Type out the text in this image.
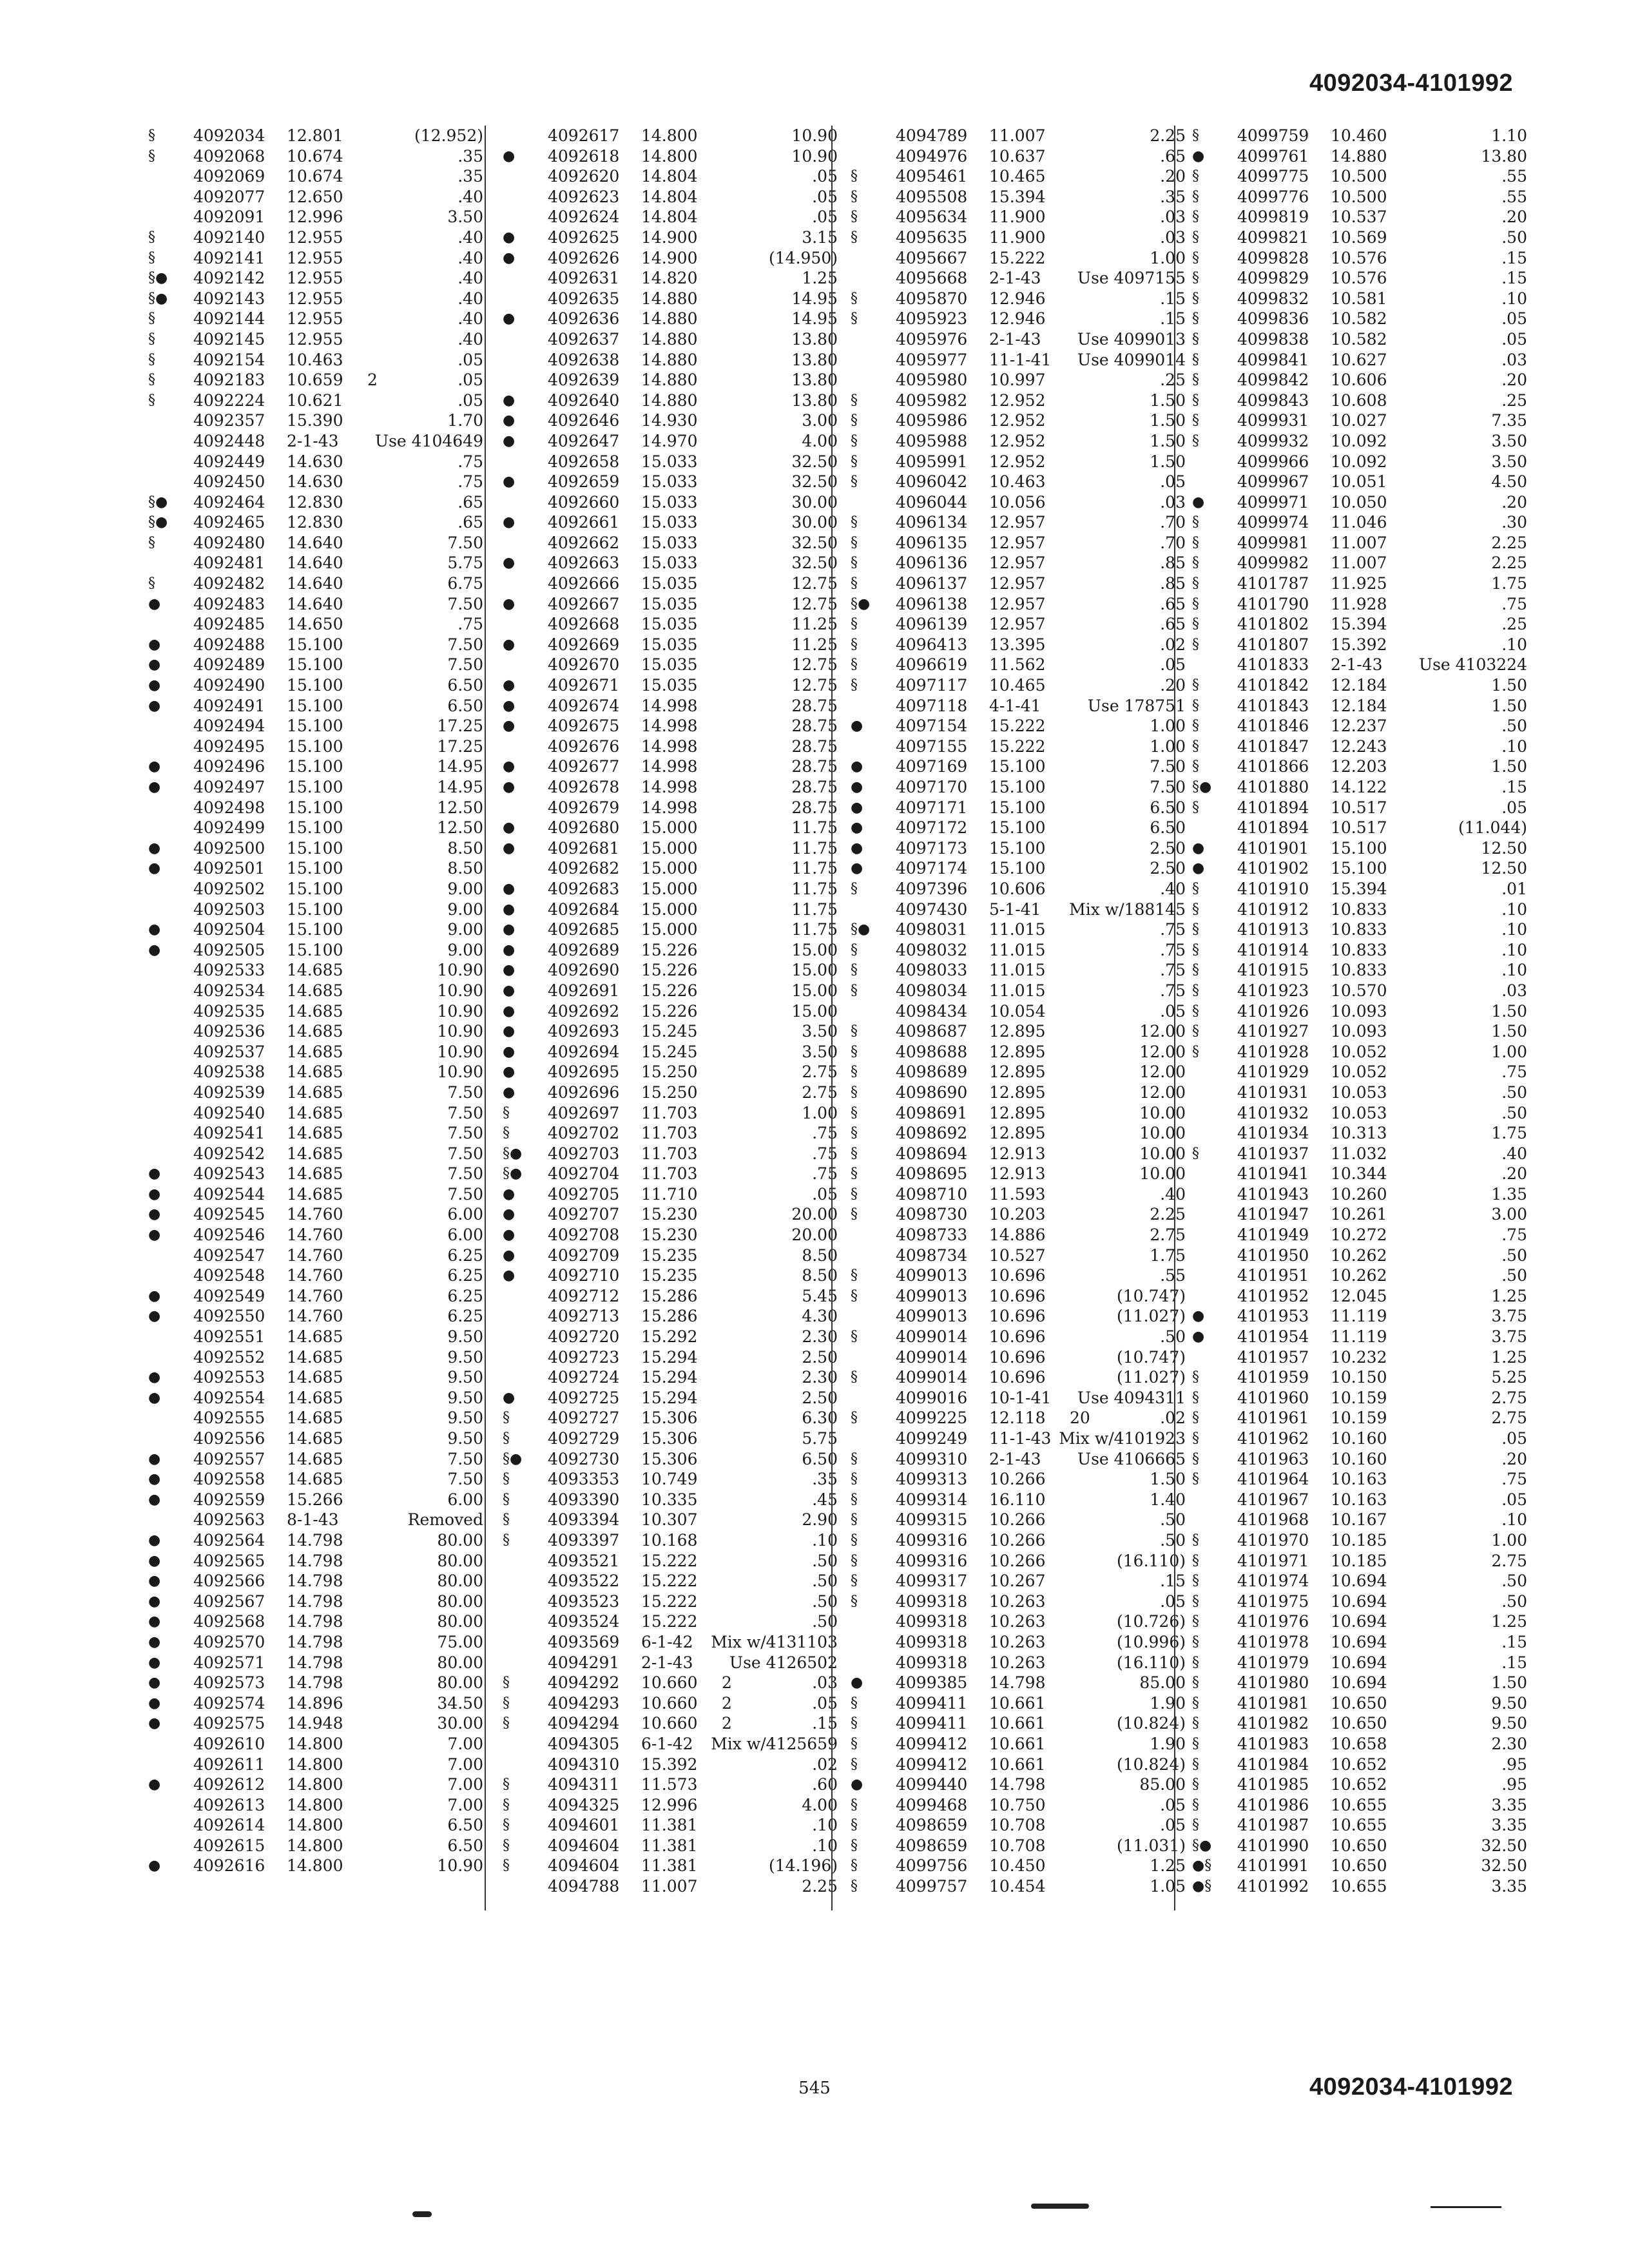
4092034-4101992
§	4092034	12.801	(12.952)
§	4092068	10.674	.35
4092069	10.674	.35
4092077	12.650	.40
4092091	12.996	3.50
§	4092140	12.955	.40
§	4092141	12.955	.40
§●	4092142	12.955	.40
§●	4092143	12.955	.40
§	4092144	12.955	.40
§	4092145	12.955	.40
§	4092154	10.463	.05
§	4092183	10.659	2	.05
§	4092224	10.621	.05
4092357	15.390	1.70
4092448	2-1-43	Use 4104649
4092449	14.630	.75
4092450	14.630	.75
§●	4092464	12.830	.65
§●	4092465	12.830	.65
§	4092480	14.640	7.50
4092481	14.640	5.75
§	4092482	14.640	6.75
●	4092483	14.640	7.50
4092485	14.650	.75
●	4092488	15.100	7.50
●	4092489	15.100	7.50
●	4092490	15.100	6.50
●	4092491	15.100	6.50
4092494	15.100	17.25
4092495	15.100	17.25
●	4092496	15.100	14.95
●	4092497	15.100	14.95
4092498	15.100	12.50
4092499	15.100	12.50
●	4092500	15.100	8.50
●	4092501	15.100	8.50
4092502	15.100	9.00
4092503	15.100	9.00
●	4092504	15.100	9.00
●	4092505	15.100	9.00
4092533	14.685	10.90
4092534	14.685	10.90
4092535	14.685	10.90
4092536	14.685	10.90
4092537	14.685	10.90
4092538	14.685	10.90
4092539	14.685	7.50
4092540	14.685	7.50
4092541	14.685	7.50
4092542	14.685	7.50
●	4092543	14.685	7.50
●	4092544	14.685	7.50
●	4092545	14.760	6.00
●	4092546	14.760	6.00
4092547	14.760	6.25
4092548	14.760	6.25
●	4092549	14.760	6.25
●	4092550	14.760	6.25
4092551	14.685	9.50
4092552	14.685	9.50
●	4092553	14.685	9.50
●	4092554	14.685	9.50
4092555	14.685	9.50
4092556	14.685	9.50
●	4092557	14.685	7.50
●	4092558	14.685	7.50
●	4092559	15.266	6.00
4092563	8-1-43	Removed
●	4092564	14.798	80.00
●	4092565	14.798	80.00
●	4092566	14.798	80.00
●	4092567	14.798	80.00
●	4092568	14.798	80.00
●	4092570	14.798	75.00
●	4092571	14.798	80.00
●	4092573	14.798	80.00
●	4092574	14.896	34.50
●	4092575	14.948	30.00
4092610	14.800	7.00
4092611	14.800	7.00
●	4092612	14.800	7.00
4092613	14.800	7.00
4092614	14.800	6.50
4092615	14.800	6.50
●	4092616	14.800	10.90
4092617	14.800	10.90
●	4092618	14.800	10.90
4092620	14.804	.05
4092623	14.804	.05
4092624	14.804	.05
●	4092625	14.900	3.15
●	4092626	14.900	(14.950)
4092631	14.820	1.25
4092635	14.880	14.95
●	4092636	14.880	14.95
4092637	14.880	13.80
4092638	14.880	13.80
4092639	14.880	13.80
●	4092640	14.880	13.80
●	4092646	14.930	3.00
●	4092647	14.970	4.00
4092658	15.033	32.50
●	4092659	15.033	32.50
4092660	15.033	30.00
●	4092661	15.033	30.00
4092662	15.033	32.50
●	4092663	15.033	32.50
4092666	15.035	12.75
●	4092667	15.035	12.75
4092668	15.035	11.25
●	4092669	15.035	11.25
4092670	15.035	12.75
●	4092671	15.035	12.75
●	4092674	14.998	28.75
●	4092675	14.998	28.75
4092676	14.998	28.75
●	4092677	14.998	28.75
●	4092678	14.998	28.75
4092679	14.998	28.75
●	4092680	15.000	11.75
●	4092681	15.000	11.75
4092682	15.000	11.75
●	4092683	15.000	11.75
●	4092684	15.000	11.75
●	4092685	15.000	11.75
●	4092689	15.226	15.00
●	4092690	15.226	15.00
●	4092691	15.226	15.00
●	4092692	15.226	15.00
●	4092693	15.245	3.50
●	4092694	15.245	3.50
●	4092695	15.250	2.75
●	4092696	15.250	2.75
§	4092697	11.703	1.00
§	4092702	11.703	.75
§●	4092703	11.703	.75
§●	4092704	11.703	.75
●	4092705	11.710	.05
●	4092707	15.230	20.00
●	4092708	15.230	20.00
●	4092709	15.235	8.50
●	4092710	15.235	8.50
4092712	15.286	5.45
4092713	15.286	4.30
4092720	15.292	2.30
4092723	15.294	2.50
4092724	15.294	2.30
●	4092725	15.294	2.50
§	4092727	15.306	6.30
§	4092729	15.306	5.75
§●	4092730	15.306	6.50
§	4093353	10.749	.35
§	4093390	10.335	.45
§	4093394	10.307	2.90
§	4093397	10.168	.10
4093521	15.222	.50
4093522	15.222	.50
4093523	15.222	.50
4093524	15.222	.50
4093569	6-1-42	Mix w/4131103
4094291	2-1-43	Use 4126502
§	4094292	10.660	2	.03
§	4094293	10.660	2	.05
§	4094294	10.660	2	.15
4094305	6-1-42	Mix w/4125659
4094310	15.392	.02
§	4094311	11.573	.60
§	4094325	12.996	4.00
§	4094601	11.381	.10
§	4094604	11.381	.10
§	4094604	11.381	(14.196)
4094788	11.007	2.25
4094789	11.007	2.25
4094976	10.637	.65
§	4095461	10.465	.20
§	4095508	15.394	.35
§	4095634	11.900	.03
§	4095635	11.900	.03
4095667	15.222	1.00
4095668	2-1-43	Use 4097155
§	4095870	12.946	.15
§	4095923	12.946	.15
4095976	2-1-43	Use 4099013
4095977	11-1-41	Use 4099014
4095980	10.997	.25
§	4095982	12.952	1.50
§	4095986	12.952	1.50
§	4095988	12.952	1.50
§	4095991	12.952	1.50
§	4096042	10.463	.05
4096044	10.056	.03
§	4096134	12.957	.70
§	4096135	12.957	.70
§	4096136	12.957	.85
§	4096137	12.957	.85
§●	4096138	12.957	.65
§	4096139	12.957	.65
§	4096413	13.395	.02
§	4096619	11.562	.05
§	4097117	10.465	.20
4097118	4-1-41	Use 178751
●	4097154	15.222	1.00
4097155	15.222	1.00
●	4097169	15.100	7.50
●	4097170	15.100	7.50
●	4097171	15.100	6.50
●	4097172	15.100	6.50
●	4097173	15.100	2.50
●	4097174	15.100	2.50
§	4097396	10.606	.40
4097430	5-1-41	Mix w/188145
§●	4098031	11.015	.75
§	4098032	11.015	.75
§	4098033	11.015	.75
§	4098034	11.015	.75
4098434	10.054	.05
§	4098687	12.895	12.00
§	4098688	12.895	12.00
§	4098689	12.895	12.00
§	4098690	12.895	12.00
§	4098691	12.895	10.00
§	4098692	12.895	10.00
§	4098694	12.913	10.00
§	4098695	12.913	10.00
§	4098710	11.593	.40
§	4098730	10.203	2.25
4098733	14.886	2.75
4098734	10.527	1.75
§	4099013	10.696	.55
§	4099013	10.696	(10.747)
4099013	10.696	(11.027)
§	4099014	10.696	.50
4099014	10.696	(10.747)
§	4099014	10.696	(11.027)
4099016	10-1-41	Use 4094311
§	4099225	12.118	20	.02
4099249	11-1-43 Mix w/4101923
§	4099310	2-1-43	Use 4106665
§	4099313	10.266	1.50
§	4099314	16.110	1.40
§	4099315	10.266	.50
§	4099316	10.266	.50
§	4099316	10.266	(16.110)
§	4099317	10.267	.15
§	4099318	10.263	.05
4099318	10.263	(10.726)
4099318	10.263	(10.996)
4099318	10.263	(16.110)
●	4099385	14.798	85.00
§	4099411	10.661	1.90
§	4099411	10.661	(10.824)
§	4099412	10.661	1.90
§	4099412	10.661	(10.824)
●	4099440	14.798	85.00
§	4099468	10.750	.05
§	4098659	10.708	.05
§	4098659	10.708	(11.031)
§	4099756	10.450	1.25
§	4099757	10.454	1.05
§	4099759	10.460	1.10
●	4099761	14.880	13.80
§	4099775	10.500	.55
§	4099776	10.500	.55
§	4099819	10.537	.20
§	4099821	10.569	.50
§	4099828	10.576	.15
§	4099829	10.576	.15
§	4099832	10.581	.10
§	4099836	10.582	.05
§	4099838	10.582	.05
§	4099841	10.627	.03
§	4099842	10.606	.20
§	4099843	10.608	.25
§	4099931	10.027	7.35
§	4099932	10.092	3.50
4099966	10.092	3.50
4099967	10.051	4.50
●	4099971	10.050	.20
§	4099974	11.046	.30
§	4099981	11.007	2.25
§	4099982	11.007	2.25
§	4101787	11.925	1.75
§	4101790	11.928	.75
§	4101802	15.394	.25
§	4101807	15.392	.10
4101833	2-1-43	Use 4103224
§	4101842	12.184	1.50
§	4101843	12.184	1.50
§	4101846	12.237	.50
§	4101847	12.243	.10
§	4101866	12.203	1.50
§●	4101880	14.122	.15
§	4101894	10.517	.05
4101894	10.517	(11.044)
●	4101901	15.100	12.50
●	4101902	15.100	12.50
§	4101910	15.394	.01
§	4101912	10.833	.10
§	4101913	10.833	.10
§	4101914	10.833	.10
§	4101915	10.833	.10
§	4101923	10.570	.03
§	4101926	10.093	1.50
§	4101927	10.093	1.50
§	4101928	10.052	1.00
4101929	10.052	.75
4101931	10.053	.50
4101932	10.053	.50
4101934	10.313	1.75
§	4101937	11.032	.40
4101941	10.344	.20
4101943	10.260	1.35
4101947	10.261	3.00
4101949	10.272	.75
4101950	10.262	.50
4101951	10.262	.50
4101952	12.045	1.25
●	4101953	11.119	3.75
●	4101954	11.119	3.75
4101957	10.232	1.25
§	4101959	10.150	5.25
§	4101960	10.159	2.75
§	4101961	10.159	2.75
§	4101962	10.160	.05
§	4101963	10.160	.20
§	4101964	10.163	.75
4101967	10.163	.05
4101968	10.167	.10
§	4101970	10.185	1.00
§	4101971	10.185	2.75
§	4101974	10.694	.50
§	4101975	10.694	.50
§	4101976	10.694	1.25
§	4101978	10.694	.15
§	4101979	10.694	.15
§	4101980	10.694	1.50
§	4101981	10.650	9.50
§	4101982	10.650	9.50
§	4101983	10.658	2.30
§	4101984	10.652	.95
§	4101985	10.652	.95
§	4101986	10.655	3.35
§	4101987	10.655	3.35
§●	4101990	10.650	32.50
●§	4101991	10.650	32.50
●§	4101992	10.655	3.35
545	4092034-4101992
